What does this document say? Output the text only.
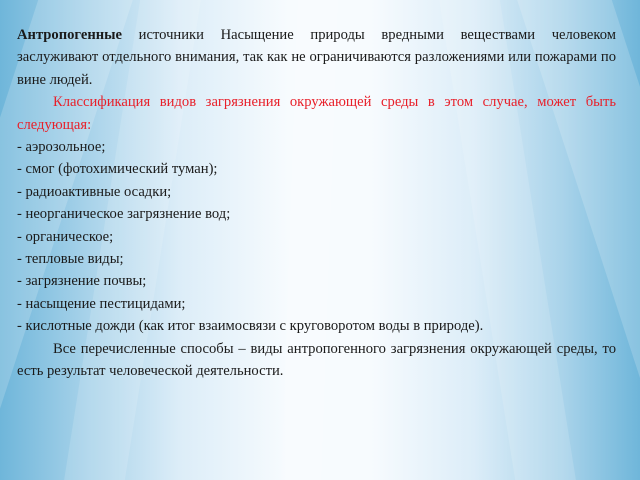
Антропогенные источники Насыщение природы вредными веществами человеком заслуживают отдельного внимания, так как не ограничиваются разложениями или пожарами по вине людей.

Классификация видов загрязнения окружающей среды в этом случае, может быть следующая:

- аэрозольное;

- смог (фотохимический туман);

- радиоактивные осадки;

- неорганическое загрязнение вод;

- органическое;

- тепловые виды;

- загрязнение почвы;

- насыщение пестицидами;

- кислотные дожди (как итог взаимосвязи с круговоротом воды в природе).

Все перечисленные способы – виды антропогенного загрязнения окружающей среды, то есть результат человеческой деятельности.
